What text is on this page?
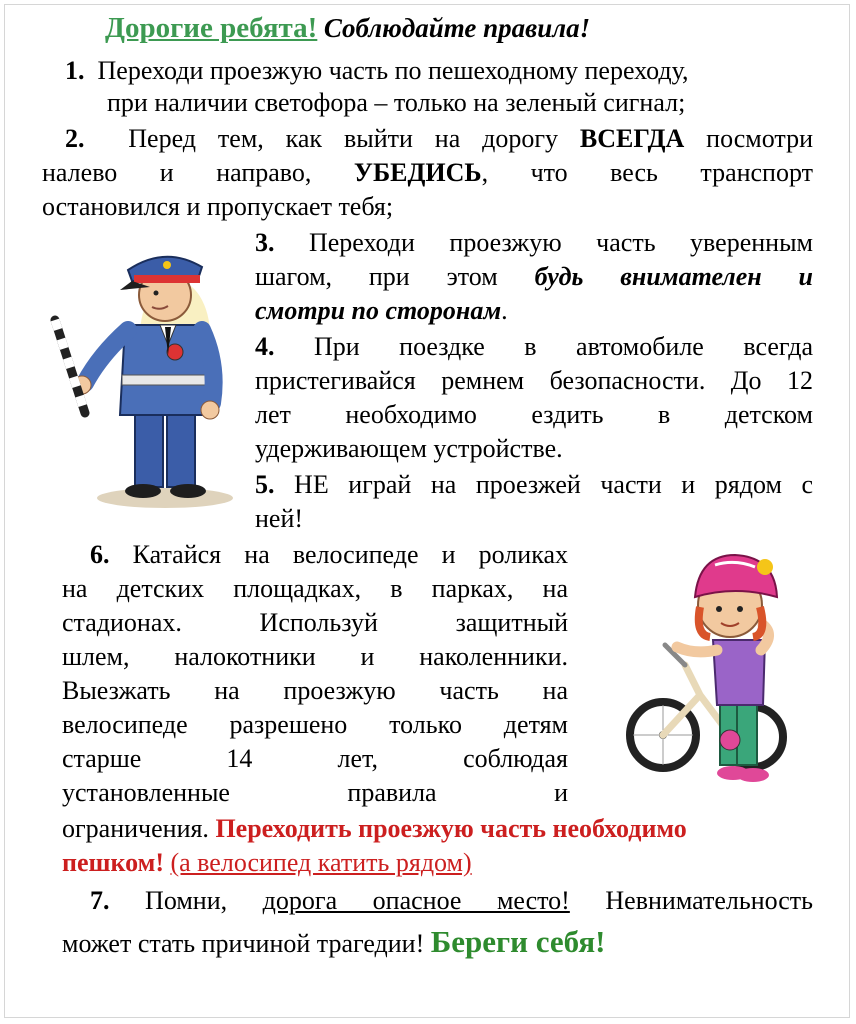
Дорогие ребята! Соблюдайте правила!
1. Переходи проезжую часть по пешеходному переходу,
при наличии светофора – только на зеленый сигнал;
2. Перед тем, как выйти на дорогу ВСЕГДА посмотри
налево и направо, УБЕДИСЬ, что весь транспорт
остановился и пропускает тебя;
3. Переходи проезжую часть уверенным
шагом, при этом будь внимателен и
смотри по сторонам.
4. При поездке в автомобиле всегда
пристегивайся ремнем безопасности. До 12
лет необходимо ездить в детском
удерживающем устройстве.
5. НЕ играй на проезжей части и рядом с
ней!
6. Катайся на велосипеде и роликах
на детских площадках, в парках, на
стадионах. Используй защитный
шлем, налокотники и наколенники.
Выезжать на проезжую часть на
велосипеде разрешено только детям
старше 14 лет, соблюдая
установленные правила и
ограничения. Переходить проезжую часть необходимо
пешком! (а велосипед катить рядом)
7. Помни, дорога опасное место! Невнимательность
может стать причиной трагедии! Береги себя!
